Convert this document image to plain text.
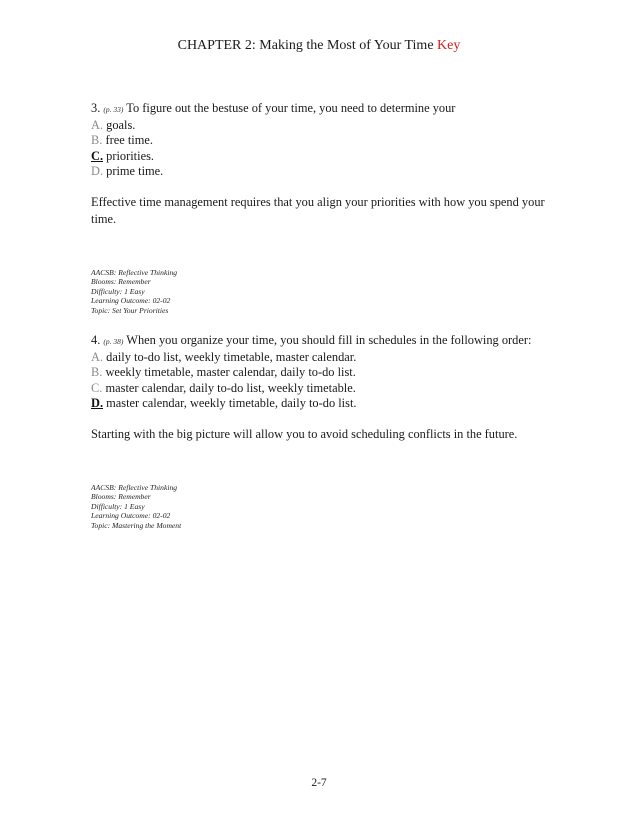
CHAPTER 2: Making the Most of Your Time Key
3. (p. 33) To figure out the bestuse of your time, you need to determine your
A. goals.
B. free time.
C. priorities.
D. prime time.
Effective time management requires that you align your priorities with how you spend your time.
AACSB: Reflective Thinking
Blooms: Remember
Difficulty: 1 Easy
Learning Outcome: 02-02
Topic: Set Your Priorities
4. (p. 38) When you organize your time, you should fill in schedules in the following order:
A. daily to-do list, weekly timetable, master calendar.
B. weekly timetable, master calendar, daily to-do list.
C. master calendar, daily to-do list, weekly timetable.
D. master calendar, weekly timetable, daily to-do list.
Starting with the big picture will allow you to avoid scheduling conflicts in the future.
AACSB: Reflective Thinking
Blooms: Remember
Difficulty: 1 Easy
Learning Outcome: 02-02
Topic: Mastering the Moment
2-7
